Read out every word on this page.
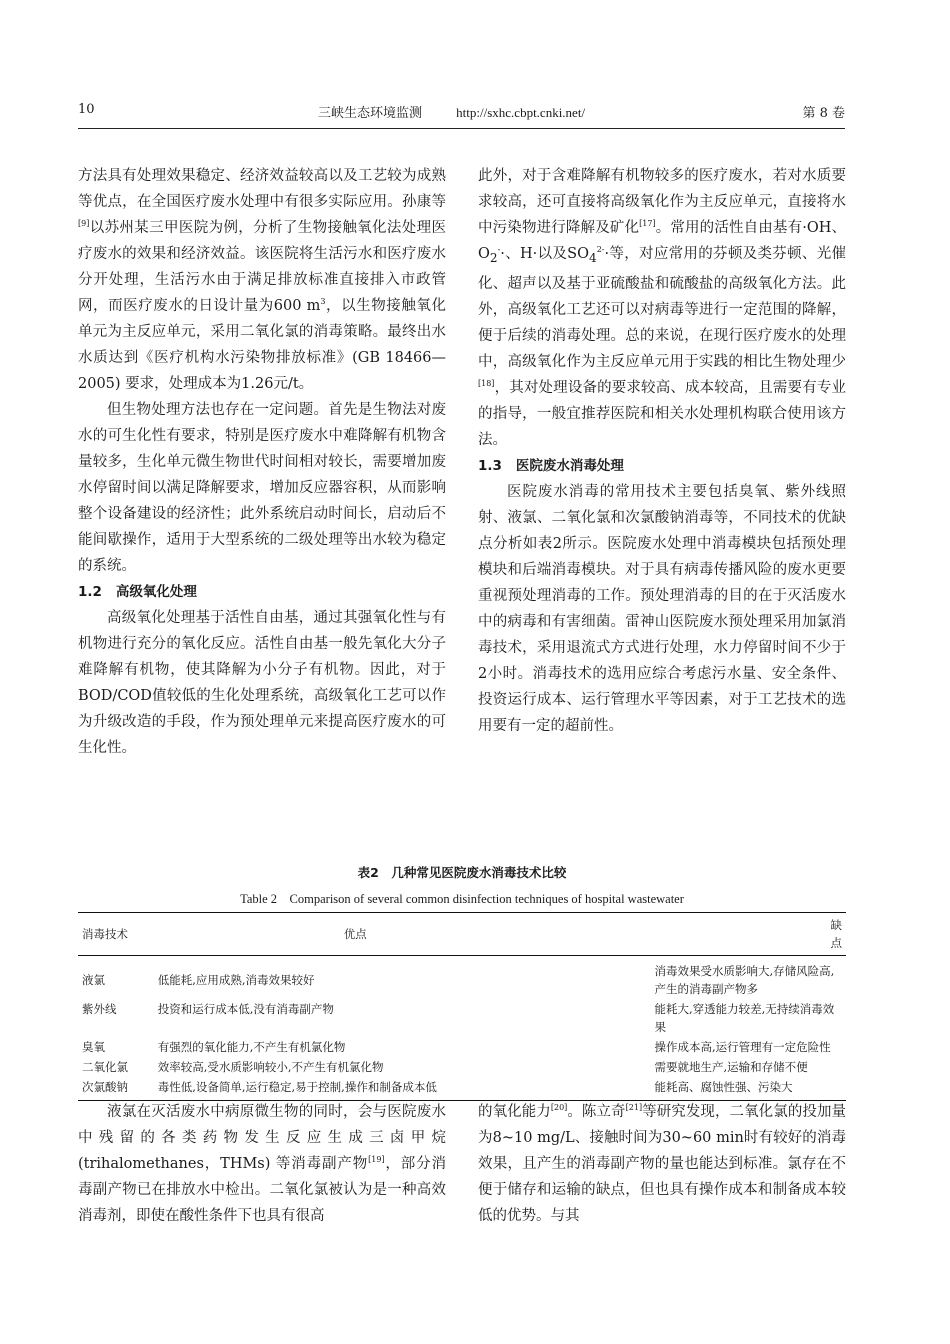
10	三峡生态环境监测	http://sxhc.cbpt.cnki.net/	第 8 卷

方法具有处理效果稳定、经济效益较高以及工艺较为成熟等优点，在全国医疗废水处理中有很多实际应用。孙康等[9]以苏州某三甲医院为例，分析了生物接触氧化法处理医疗废水的效果和经济效益。该医院将生活污水和医疗废水分开处理，生活污水由于满足排放标准直接排入市政管网，而医疗废水的日设计量为600 $m^3$，以生物接触氧化单元为主反应单元，采用二氧化氯的消毒策略。最终出水水质达到《医疗机构水污染物排放标准》(GB 18466—2005) 要求，处理成本为1.26元/t。

但生物处理方法也存在一定问题。首先是生物法对废水的可生化性有要求，特别是医疗废水中难降解有机物含量较多，生化单元微生物世代时间相对较长，需要增加废水停留时间以满足降解要求，增加反应器容积，从而影响整个设备建设的经济性；此外系统启动时间长，启动后不能间歇操作，适用于大型系统的二级处理等出水较为稳定的系统。

1.2 高级氧化处理

高级氧化处理基于活性自由基，通过其强氧化性与有机物进行充分的氧化反应。活性自由基一般先氧化大分子难降解有机物，使其降解为小分子有机物。因此，对于BOD/COD值较低的生化处理系统，高级氧化工艺可以作为升级改造的手段，作为预处理单元来提高医疗废水的可生化性。

此外，对于含难降解有机物较多的医疗废水，若对水质要求较高，还可直接将高级氧化作为主反应单元，直接将水中污染物进行降解及矿化[17]。常用的活性自由基有·OH、$O_2^-\cdot$、H·以及$SO_4^{2-}\cdot$等，对应常用的芬顿及类芬顿、光催化、超声以及基于亚硫酸盐和硫酸盐的高级氧化方法。此外，高级氧化工艺还可以对病毒等进行一定范围的降解，便于后续的消毒处理。总的来说，在现行医疗废水的处理中，高级氧化作为主反应单元用于实践的相比生物处理少[18]，其对处理设备的要求较高、成本较高，且需要有专业的指导，一般宜推荐医院和相关水处理机构联合使用该方法。

1.3 医院废水消毒处理

医院废水消毒的常用技术主要包括臭氧、紫外线照射、液氯、二氧化氯和次氯酸钠消毒等，不同技术的优缺点分析如表2所示。医院废水处理中消毒模块包括预处理模块和后端消毒模块。对于具有病毒传播风险的废水更要重视预处理消毒的工作。预处理消毒的目的在于灭活废水中的病毒和有害细菌。雷神山医院废水预处理采用加氯消毒技术，采用退流式方式进行处理，水力停留时间不少于2小时。消毒技术的选用应综合考虑污水量、安全条件、投资运行成本、运行管理水平等因素，对于工艺技术的选用要有一定的超前性。

表2　几种常见医院废水消毒技术比较
Table 2　Comparison of several common disinfection techniques of hospital wastewater
消毒技术	优点	缺点
液氯	低能耗,应用成熟,消毒效果较好	消毒效果受水质影响大,存储风险高,产生的消毒副产物多
紫外线	投资和运行成本低,没有消毒副产物	能耗大,穿透能力较差,无持续消毒效果
臭氧	有强烈的氧化能力,不产生有机氯化物	操作成本高,运行管理有一定危险性
二氧化氯	效率较高,受水质影响较小,不产生有机氯化物	需要就地生产,运输和存储不便
次氯酸钠	毒性低,设备简单,运行稳定,易于控制,操作和制备成本低	能耗高、腐蚀性强、污染大

液氯在灭活废水中病原微生物的同时，会与医院废水中残留的各类药物发生反应生成三卤甲烷 (trihalomethanes，THMs) 等消毒副产物[19]，部分消毒副产物已在排放水中检出。二氧化氯被认为是一种高效消毒剂，即使在酸性条件下也具有很高

的氧化能力[20]。陈立奇[21]等研究发现，二氧化氯的投加量为8~10 mg/L、接触时间为30~60 min时有较好的消毒效果，且产生的消毒副产物的量也能达到标准。氯存在不便于储存和运输的缺点，但也具有操作成本和制备成本较低的优势。与其
